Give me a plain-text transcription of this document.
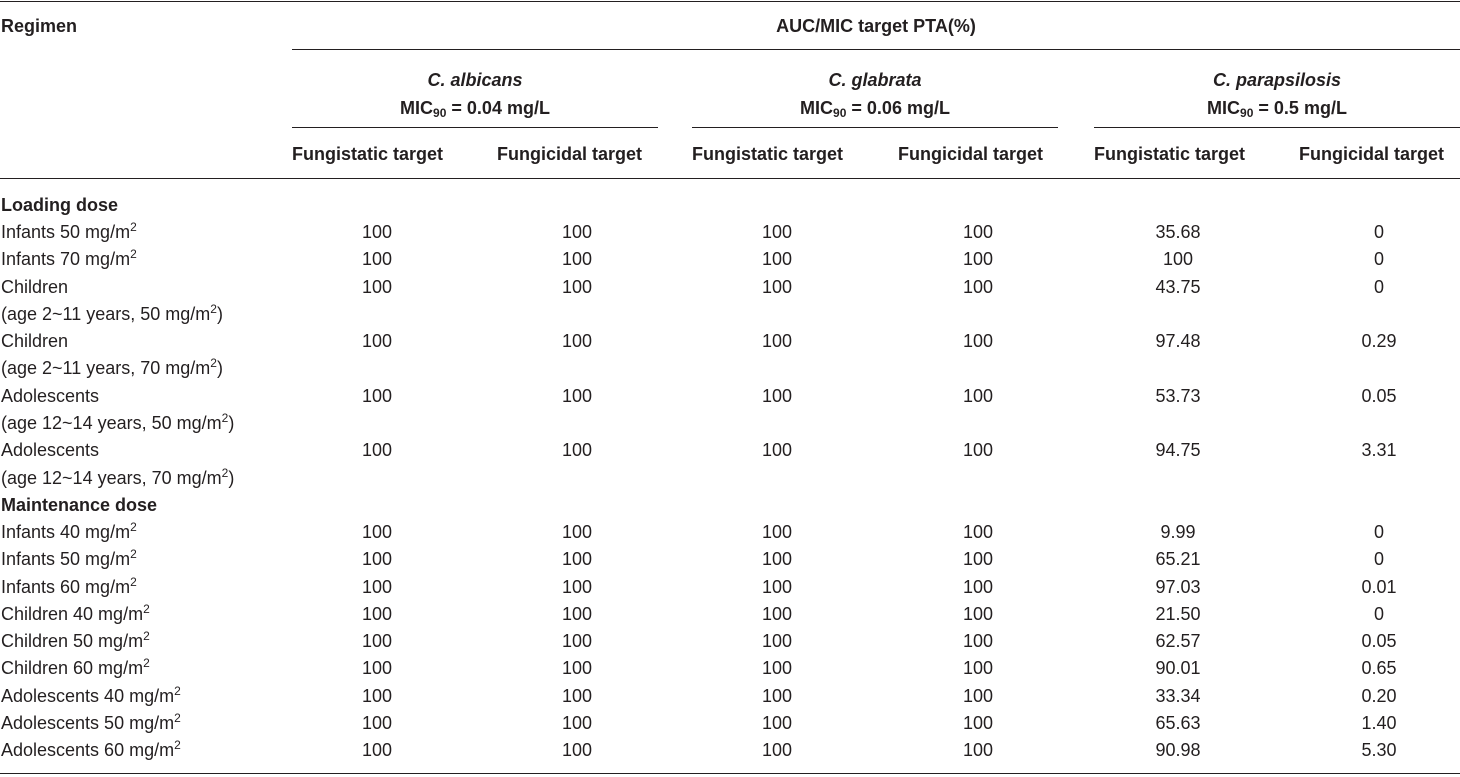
Regimen	AUC/MIC target PTA(%)
C. albicans
$MIC_{90} = 0.04$ mg/L
C. glabrata
$MIC_{90} = 0.06$ mg/L
C. parapsilosis
$MIC_{90} = 0.5$ mg/L
Fungistatic target	Fungicidal target	Fungistatic target	Fungicidal target	Fungistatic target	Fungicidal target
Loading dose						
Infants 50 $mg/m^2$	100	100	100	100	35.68	0
Infants 70 $mg/m^2$	100	100	100	100	100	0
Children
(age 2~11 years, 50 $mg/m^2$)	100	100	100	100	43.75	0
Children
(age 2~11 years, 70 $mg/m^2$)	100	100	100	100	97.48	0.29
Adolescents
(age 12~14 years, 50 $mg/m^2$)	100	100	100	100	53.73	0.05
Adolescents
(age 12~14 years, 70 $mg/m^2$)	100	100	100	100	94.75	3.31
Maintenance dose						
Infants 40 $mg/m^2$	100	100	100	100	9.99	0
Infants 50 $mg/m^2$	100	100	100	100	65.21	0
Infants 60 $mg/m^2$	100	100	100	100	97.03	0.01
Children 40 $mg/m^2$	100	100	100	100	21.50	0
Children 50 $mg/m^2$	100	100	100	100	62.57	0.05
Children 60 $mg/m^2$	100	100	100	100	90.01	0.65
Adolescents 40 $mg/m^2$	100	100	100	100	33.34	0.20
Adolescents 50 $mg/m^2$	100	100	100	100	65.63	1.40
Adolescents 60 $mg/m^2$	100	100	100	100	90.98	5.30
